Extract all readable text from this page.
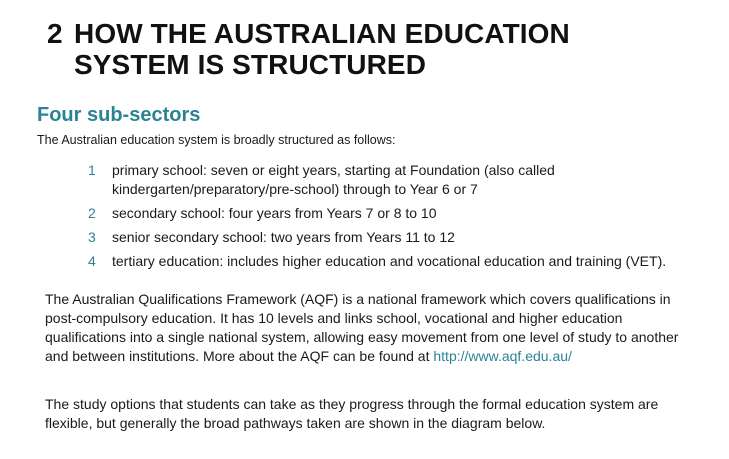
2 HOW THE AUSTRALIAN EDUCATION SYSTEM IS STRUCTURED
Four sub-sectors
The Australian education system is broadly structured as follows:
1	primary school: seven or eight years, starting at Foundation (also called kindergarten/preparatory/pre-school) through to Year 6 or 7
2	secondary school: four years from Years 7 or 8 to 10
3	senior secondary school: two years from Years 11 to 12
4	tertiary education: includes higher education and vocational education and training (VET).

The Australian Qualifications Framework (AQF) is a national framework which covers qualifications in post-compulsory education. It has 10 levels and links school, vocational and higher education qualifications into a single national system, allowing easy movement from one level of study to another and between institutions. More about the AQF can be found at http://www.aqf.edu.au/

The study options that students can take as they progress through the formal education system are flexible, but generally the broad pathways taken are shown in the diagram below.
